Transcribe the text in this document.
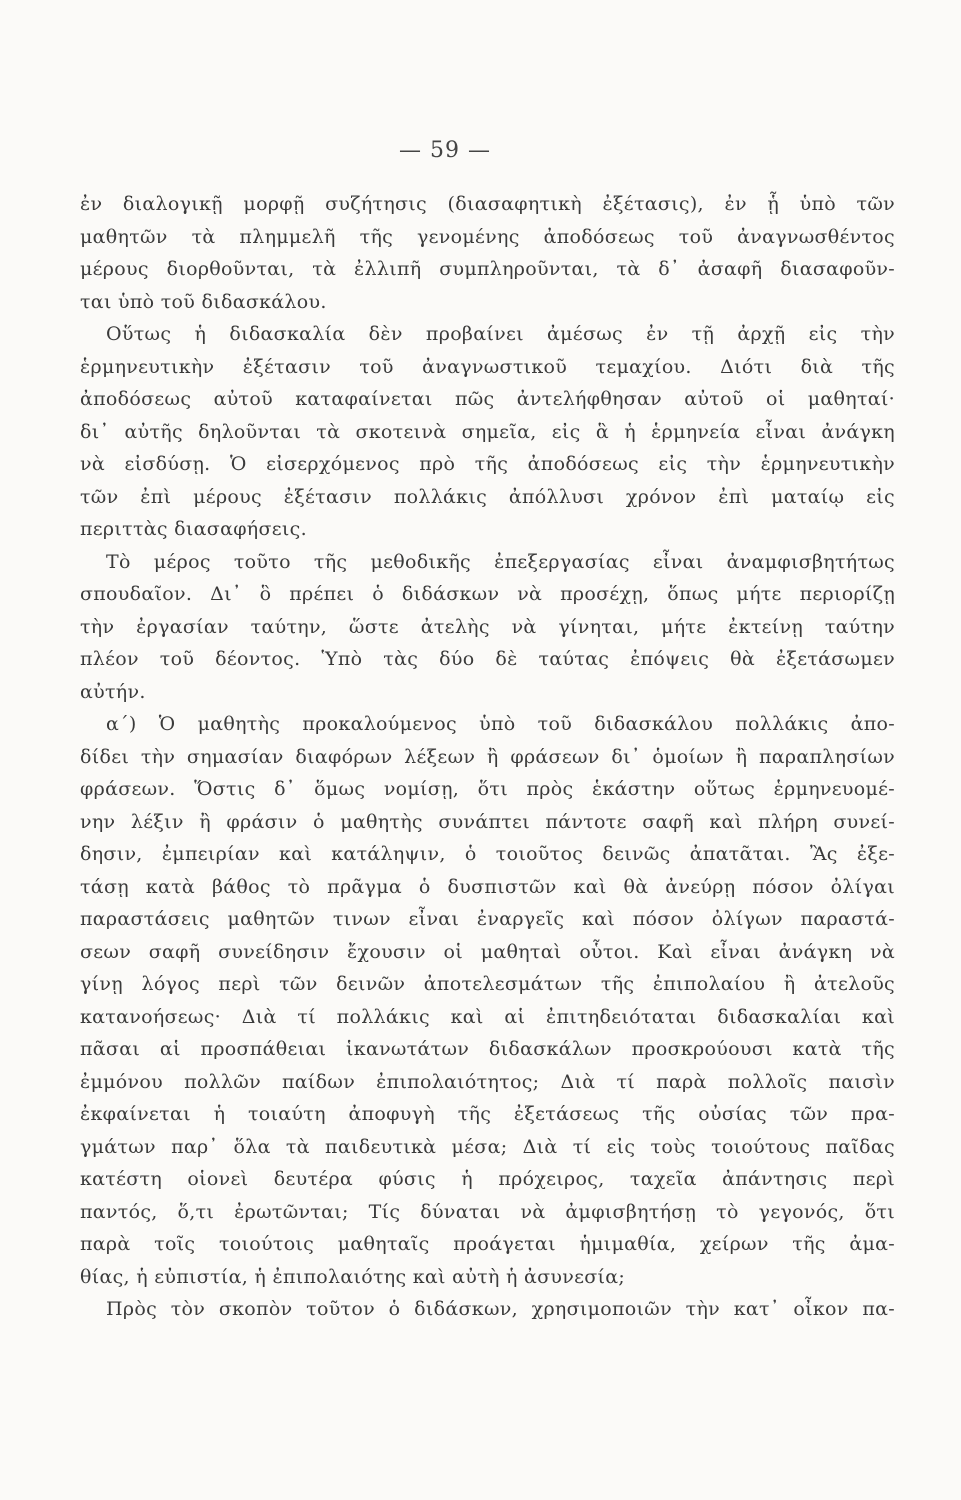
— 59 —
ἐν διαλογικῇ μορφῇ συζήτησις (διασαφητικὴ ἐξέτασις), ἐν ᾗ ὑπὸ τῶν
μαθητῶν τὰ πλημμελῆ τῆς γενομένης ἀποδόσεως τοῦ ἀναγνωσθέντος
μέρους διορθοῦνται, τὰ ἐλλιπῆ συμπληροῦνται, τὰ δ᾽ ἀσαφῆ διασαφοῦν-
ται ὑπὸ τοῦ διδασκάλου.
Οὕτως ἡ διδασκαλία δὲν προβαίνει ἀμέσως ἐν τῇ ἀρχῇ εἰς τὴν
ἑρμηνευτικὴν ἐξέτασιν τοῦ ἀναγνωστικοῦ τεμαχίου. Διότι διὰ τῆς
ἀποδόσεως αὐτοῦ καταφαίνεται πῶς ἀντελήφθησαν αὐτοῦ οἱ μαθηταί·
δι᾽ αὐτῆς δηλοῦνται τὰ σκοτεινὰ σημεῖα, εἰς ἃ ἡ ἑρμηνεία εἶναι ἀνάγκη
νὰ εἰσδύσῃ. Ὁ εἰσερχόμενος πρὸ τῆς ἀποδόσεως εἰς τὴν ἑρμηνευτικὴν
τῶν ἐπὶ μέρους ἐξέτασιν πολλάκις ἀπόλλυσι χρόνον ἐπὶ ματαίῳ εἰς
περιττὰς διασαφήσεις.
Τὸ μέρος τοῦτο τῆς μεθοδικῆς ἐπεξεργασίας εἶναι ἀναμφισβητήτως
σπουδαῖον. Δι᾽ ὃ πρέπει ὁ διδάσκων νὰ προσέχῃ, ὅπως μήτε περιορίζῃ
τὴν ἐργασίαν ταύτην, ὥστε ἀτελὴς νὰ γίνηται, μήτε ἐκτείνῃ ταύτην
πλέον τοῦ δέοντος. Ὑπὸ τὰς δύο δὲ ταύτας ἐπόψεις θὰ ἐξετάσωμεν
αὐτήν.
α΄) Ὁ μαθητὴς προκαλούμενος ὑπὸ τοῦ διδασκάλου πολλάκις ἀπο-
δίδει τὴν σημασίαν διαφόρων λέξεων ἢ φράσεων δι᾽ ὁμοίων ἢ παραπλησίων
φράσεων. Ὅστις δ᾽ ὅμως νομίσῃ, ὅτι πρὸς ἑκάστην οὕτως ἑρμηνευομέ-
νην λέξιν ἢ φράσιν ὁ μαθητὴς συνάπτει πάντοτε σαφῆ καὶ πλήρη συνεί-
δησιν, ἐμπειρίαν καὶ κατάληψιν, ὁ τοιοῦτος δεινῶς ἀπατᾶται. Ἂς ἐξε-
τάσῃ κατὰ βάθος τὸ πρᾶγμα ὁ δυσπιστῶν καὶ θὰ ἀνεύρῃ πόσον ὀλίγαι
παραστάσεις μαθητῶν τινων εἶναι ἐναργεῖς καὶ πόσον ὀλίγων παραστά-
σεων σαφῆ συνείδησιν ἔχουσιν οἱ μαθηταὶ οὗτοι. Καὶ εἶναι ἀνάγκη νὰ
γίνῃ λόγος περὶ τῶν δεινῶν ἀποτελεσμάτων τῆς ἐπιπολαίου ἢ ἀτελοῦς
κατανοήσεως· Διὰ τί πολλάκις καὶ αἱ ἐπιτηδειόταται διδασκαλίαι καὶ
πᾶσαι αἱ προσπάθειαι ἱκανωτάτων διδασκάλων προσκρούουσι κατὰ τῆς
ἐμμόνου πολλῶν παίδων ἐπιπολαιότητος; Διὰ τί παρὰ πολλοῖς παισὶν
ἐκφαίνεται ἡ τοιαύτη ἀποφυγὴ τῆς ἐξετάσεως τῆς οὐσίας τῶν πρα-
γμάτων παρ᾽ ὅλα τὰ παιδευτικὰ μέσα; Διὰ τί εἰς τοὺς τοιούτους παῖδας
κατέστη οἱονεὶ δευτέρα φύσις ἡ πρόχειρος, ταχεῖα ἀπάντησις περὶ
παντός, ὅ,τι ἐρωτῶνται; Τίς δύναται νὰ ἀμφισβητήσῃ τὸ γεγονός, ὅτι
παρὰ τοῖς τοιούτοις μαθηταῖς προάγεται ἡμιμαθία, χείρων τῆς ἀμα-
θίας, ἡ εὐπιστία, ἡ ἐπιπολαιότης καὶ αὐτὴ ἡ ἀσυνεσία;
Πρὸς τὸν σκοπὸν τοῦτον ὁ διδάσκων, χρησιμοποιῶν τὴν κατ᾽ οἶκον πα-
